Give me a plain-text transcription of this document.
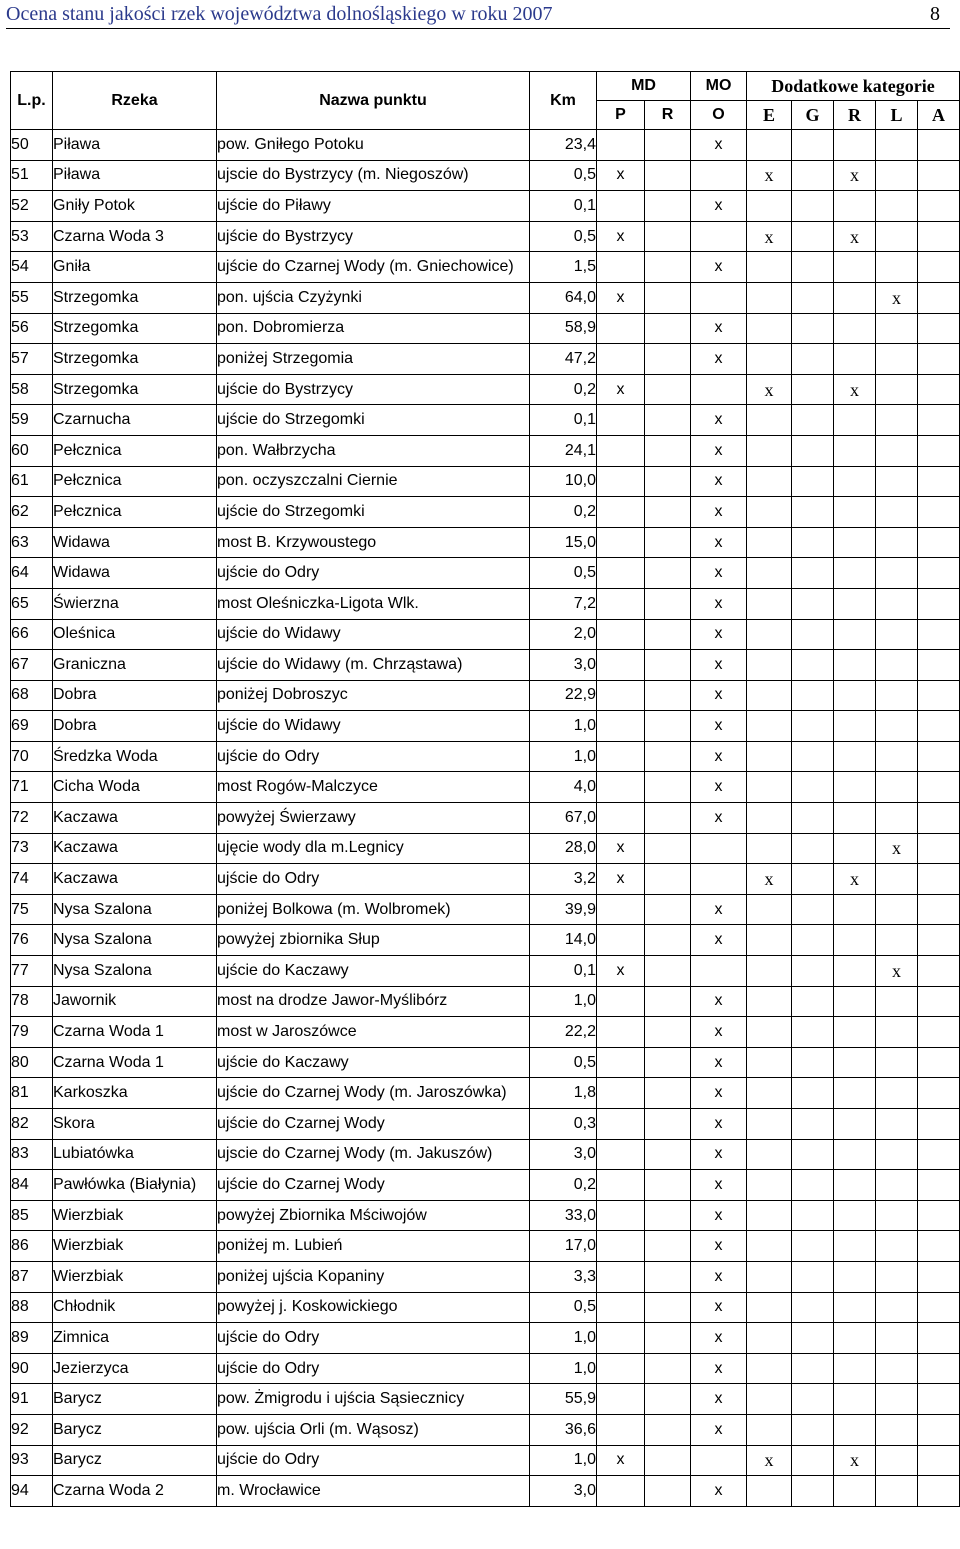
Ocena stanu jakości rzek województwa dolnośląskiego w roku 2007	8
L.p.	Rzeka	Nazwa punktu	Km	MD		MO	Dodatkowe kategorie				
				P	R	O	E	G	R	L	A
50	Piława	pow. Gniłego Potoku	23,4			x					
51	Piława	ujscie do Bystrzycy (m. Niegoszów)	0,5	x			x		x		
52	Gniły Potok	ujście do Piławy	0,1			x					
53	Czarna Woda 3	ujście do Bystrzycy	0,5	x			x		x		
54	Gniła	ujście do Czarnej Wody (m. Gniechowice)	1,5			x					
55	Strzegomka	pon. ujścia Czyżynki	64,0	x						x	
56	Strzegomka	pon. Dobromierza	58,9			x					
57	Strzegomka	poniżej Strzegomia	47,2			x					
58	Strzegomka	ujście do Bystrzycy	0,2	x			x		x		
59	Czarnucha	ujście do Strzegomki	0,1			x					
60	Pełcznica	pon. Wałbrzycha	24,1			x					
61	Pełcznica	pon. oczyszczalni Ciernie	10,0			x					
62	Pełcznica	ujście do Strzegomki	0,2			x					
63	Widawa	most B. Krzywoustego	15,0			x					
64	Widawa	ujście do Odry	0,5			x					
65	Świerzna	most Oleśniczka-Ligota Wlk.	7,2			x					
66	Oleśnica	ujście do Widawy	2,0			x					
67	Graniczna	ujście do Widawy (m. Chrząstawa)	3,0			x					
68	Dobra	poniżej Dobroszyc	22,9			x					
69	Dobra	ujście do Widawy	1,0			x					
70	Średzka Woda	ujście do Odry	1,0			x					
71	Cicha Woda	most Rogów-Malczyce	4,0			x					
72	Kaczawa	powyżej Świerzawy	67,0			x					
73	Kaczawa	ujęcie wody dla m.Legnicy	28,0	x						x	
74	Kaczawa	ujście do Odry	3,2	x			x		x		
75	Nysa Szalona	poniżej Bolkowa (m. Wolbromek)	39,9			x					
76	Nysa Szalona	powyżej zbiornika Słup	14,0			x					
77	Nysa Szalona	ujście do Kaczawy	0,1	x						x	
78	Jawornik	most na drodze Jawor-Myślibórz	1,0			x					
79	Czarna Woda 1	most w Jaroszówce	22,2			x					
80	Czarna Woda 1	ujście do Kaczawy	0,5			x					
81	Karkoszka	ujście do Czarnej Wody (m. Jaroszówka)	1,8			x					
82	Skora	ujście do Czarnej Wody	0,3			x					
83	Lubiatówka	ujscie do Czarnej Wody (m. Jakuszów)	3,0			x					
84	Pawłówka (Białynia)	ujście do Czarnej Wody	0,2			x					
85	Wierzbiak	powyżej Zbiornika Mściwojów	33,0			x					
86	Wierzbiak	poniżej m. Lubień	17,0			x					
87	Wierzbiak	poniżej ujścia Kopaniny	3,3			x					
88	Chłodnik	powyżej j. Koskowickiego	0,5			x					
89	Zimnica	ujście do Odry	1,0			x					
90	Jezierzyca	ujście do Odry	1,0			x					
91	Barycz	pow. Żmigrodu i ujścia Sąsiecznicy	55,9			x					
92	Barycz	pow. ujścia Orli (m. Wąsosz)	36,6			x					
93	Barycz	ujście do Odry	1,0	x			x		x		
94	Czarna Woda 2	m. Wrocławice	3,0			x					
